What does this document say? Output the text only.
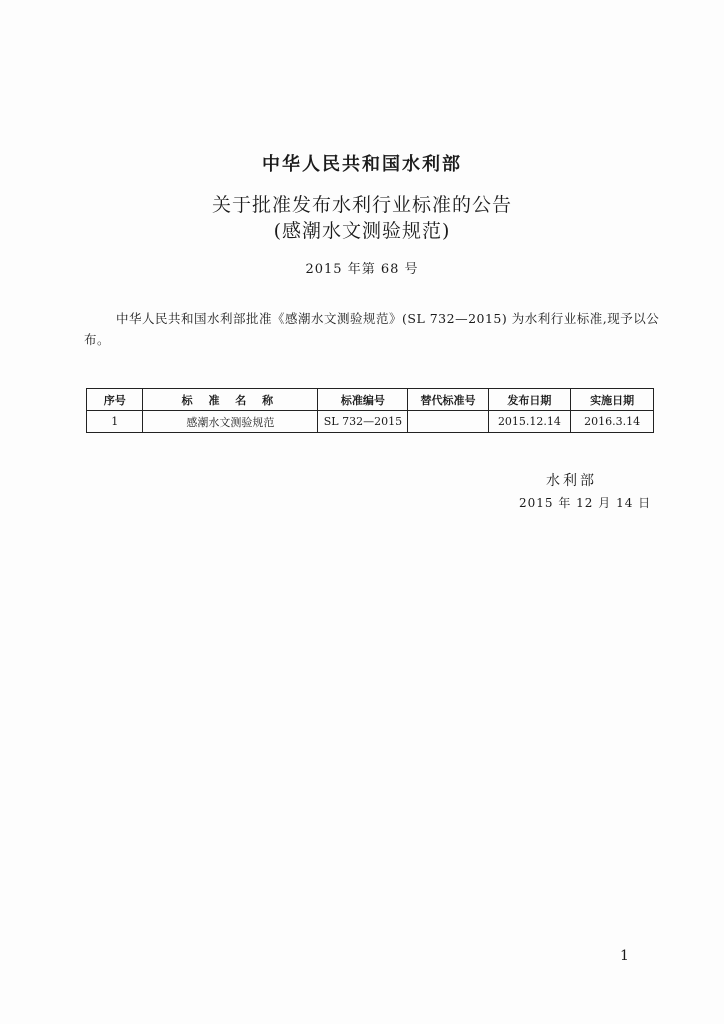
中华人民共和国水利部
关于批准发布水利行业标准的公告
(感潮水文测验规范)
2015 年第 68 号
中华人民共和国水利部批准《感潮水文测验规范》(SL 732—2015) 为水利行业标准,现予以公布。
序号	标 准 名 称	标准编号	替代标准号	发布日期	实施日期
1	感潮水文测验规范	SL 732—2015		2015.12.14	2016.3.14
水利部
2015 年 12 月 14 日
1
